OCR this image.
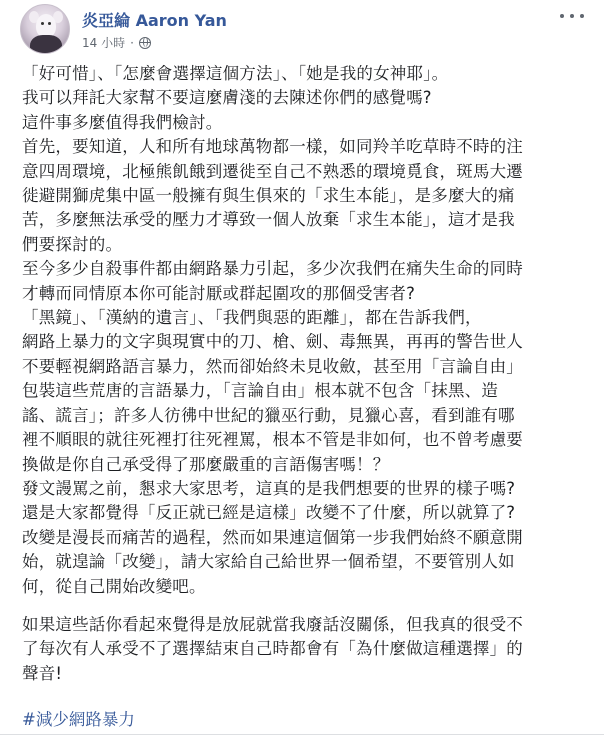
炎亞綸 Aaron Yan
14 小時 ·

「好可惜」、「怎麼會選擇這個方法」、「她是我的女神耶」。
我可以拜託大家幫不要這麼膚淺的去陳述你們的感覺嗎?
這件事多麼值得我們檢討。
首先，要知道，人和所有地球萬物都一樣，如同羚羊吃草時不時的注
意四周環境，北極熊飢餓到遷徙至自己不熟悉的環境覓食，斑馬大遷
徙避開獅虎集中區一般擁有與生俱來的「求生本能」，是多麼大的痛
苦，多麼無法承受的壓力才導致一個人放棄「求生本能」，這才是我
們要探討的。
至今多少自殺事件都由網路暴力引起，多少次我們在痛失生命的同時
才轉而同情原本你可能討厭或群起圍攻的那個受害者?
「黑鏡」、「漢納的遺言」、「我們與惡的距離」，都在告訴我們，
網路上暴力的文字與現實中的刀、槍、劍、毒無異，再再的警告世人
不要輕視網路語言暴力，然而卻始終未見收斂，甚至用「言論自由」
包裝這些荒唐的言語暴力，「言論自由」根本就不包含「抹黑、造
謠、謊言」；許多人彷彿中世紀的獵巫行動，見獵心喜，看到誰有哪
裡不順眼的就往死裡打往死裡罵，根本不管是非如何，也不曾考慮要
換做是你自己承受得了那麼嚴重的言語傷害嗎！？
發文謾罵之前，懇求大家思考，這真的是我們想要的世界的樣子嗎?
還是大家都覺得「反正就已經是這樣」改變不了什麼，所以就算了?
改變是漫長而痛苦的過程，然而如果連這個第一步我們始終不願意開
始，就遑論「改變」，請大家給自己給世界一個希望，不要管別人如
何，從自己開始改變吧。

如果這些話你看起來覺得是放屁就當我廢話沒關係，但我真的很受不
了每次有人承受不了選擇結束自己時都會有「為什麼做這種選擇」的
聲音!

#減少網路暴力
